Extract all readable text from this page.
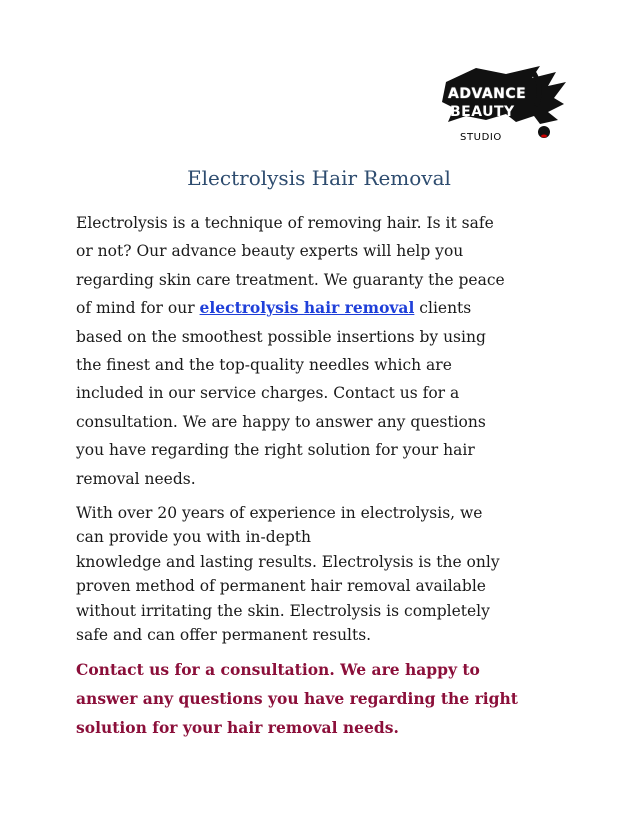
ADVANCE
BEAUTY
STUDIO
Electrolysis Hair Removal

Electrolysis is a technique of removing hair. Is it safe
or not? Our advance beauty experts will help you
regarding skin care treatment. We guaranty the peace
of mind for our electrolysis hair removal clients
based on the smoothest possible insertions by using
the finest and the top-quality needles which are
included in our service charges. Contact us for a
consultation. We are happy to answer any questions
you have regarding the right solution for your hair
removal needs.

With over 20 years of experience in electrolysis, we
can provide you with in-depth
knowledge and lasting results. Electrolysis is the only
proven method of permanent hair removal available
without irritating the skin. Electrolysis is completely
safe and can offer permanent results.

Contact us for a consultation. We are happy to
answer any questions you have regarding the right
solution for your hair removal needs.
